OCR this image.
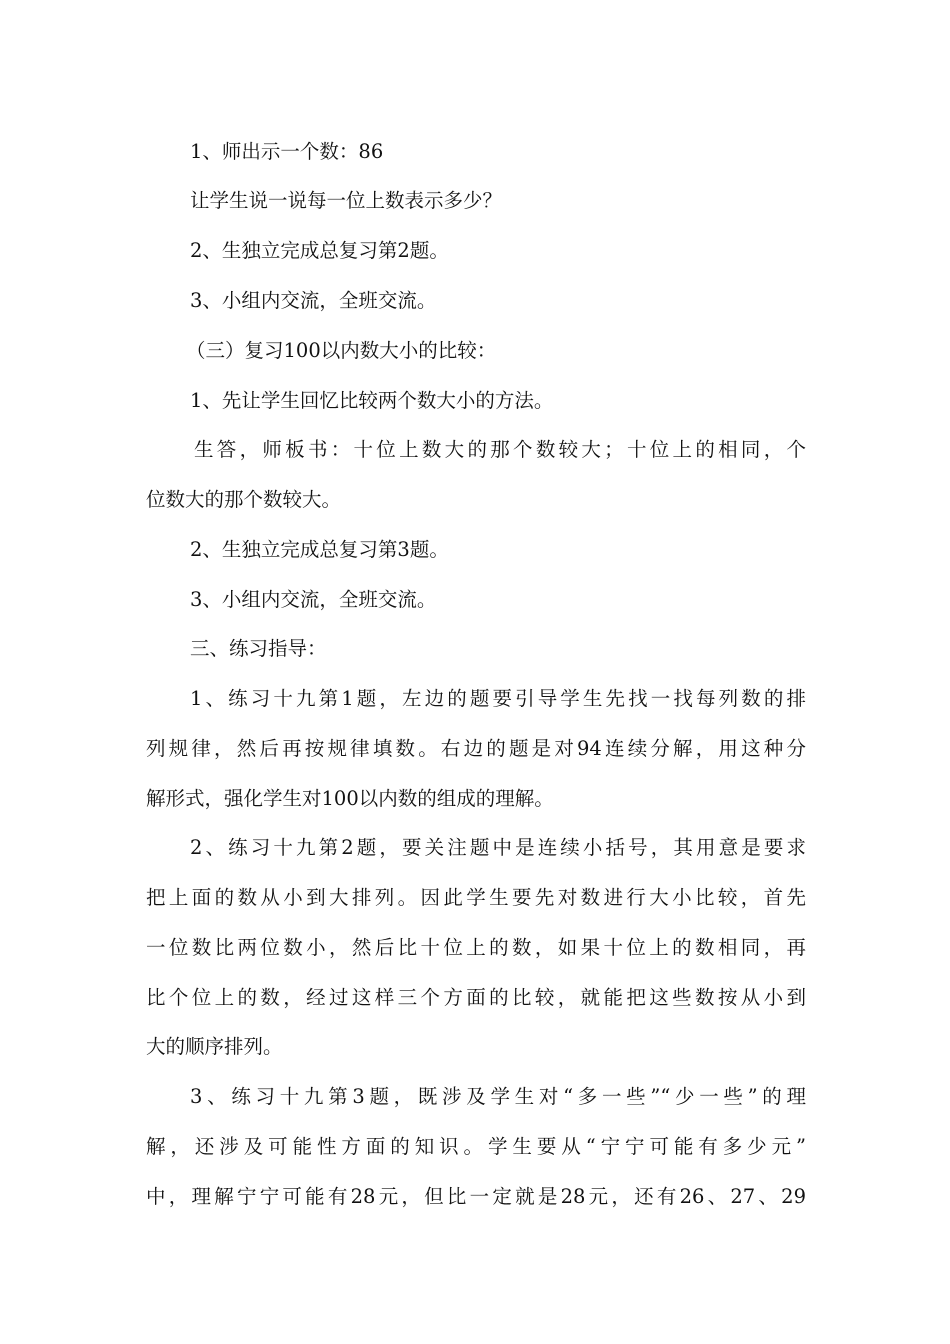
1、师出示一个数：86
让学生说一说每一位上数表示多少？
2、生独立完成总复习第2题。
3、小组内交流，全班交流。
（三）复习100以内数大小的比较：
1、先让学生回忆比较两个数大小的方法。
生答，师板书：十位上数大的那个数较大；十位上的相同，个
位数大的那个数较大。
2、生独立完成总复习第3题。
3、小组内交流，全班交流。
三、练习指导：
1、练习十九第1题，左边的题要引导学生先找一找每列数的排
列规律，然后再按规律填数。右边的题是对94连续分解，用这种分
解形式，强化学生对100以内数的组成的理解。
2、练习十九第2题，要关注题中是连续小括号，其用意是要求
把上面的数从小到大排列。因此学生要先对数进行大小比较，首先
一位数比两位数小，然后比十位上的数，如果十位上的数相同，再
比个位上的数，经过这样三个方面的比较，就能把这些数按从小到
大的顺序排列。
3、练习十九第3题，既涉及学生对“多一些”“少一些”的理
解，还涉及可能性方面的知识。学生要从“宁宁可能有多少元”
中，理解宁宁可能有28元，但比一定就是28元，还有26、27、29
